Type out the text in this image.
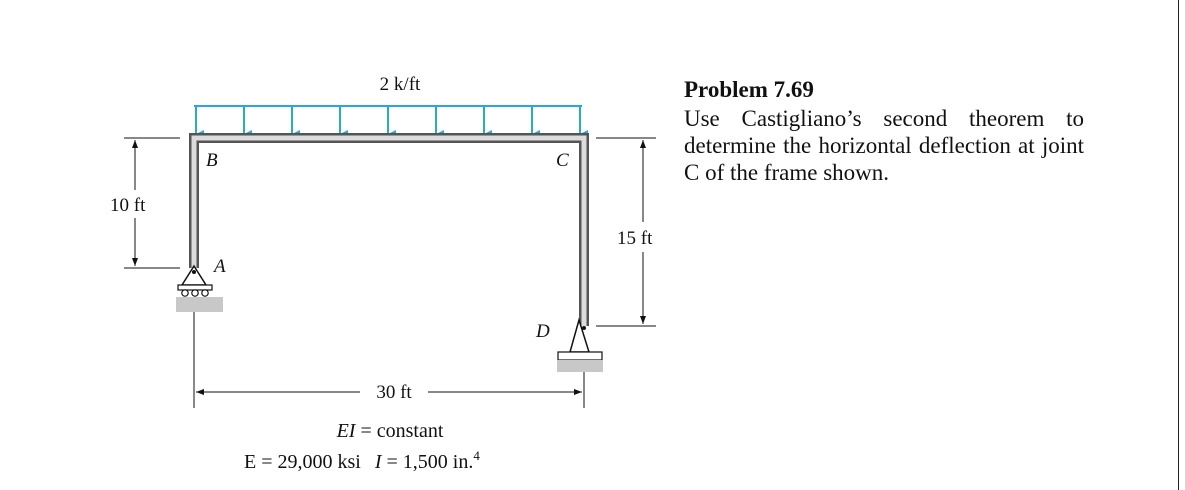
2 k/ft
B	C
A
D
10 ft
15 ft
30 ft
EI = constant
E = 29,000 ksi I = 1,500 in.$^4$

Problem 7.69

Use Castigliano’s second theorem to determine the horizontal deflection at joint C of the frame shown.
